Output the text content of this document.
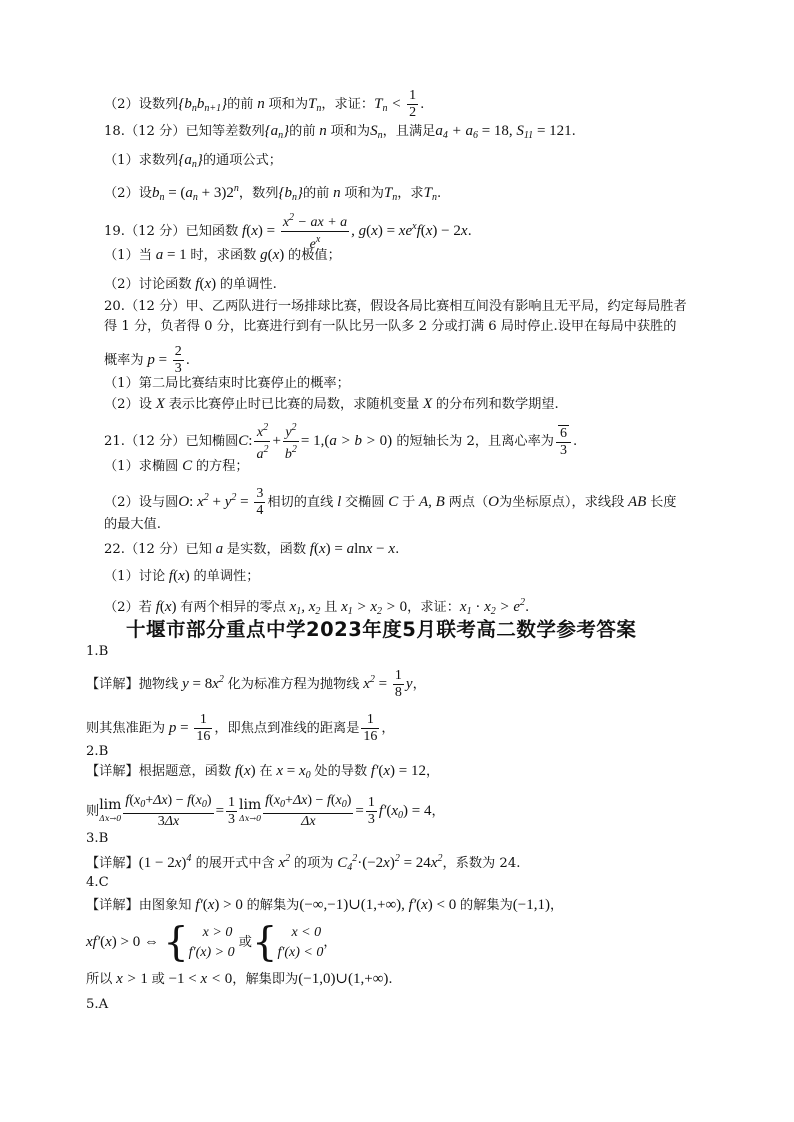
（2）设数列$\{b_nb_{n+1}\}$的前 n 项和为$T_n$，求证：$T_n < \frac{1}{2}$ .
18.（12 分）已知等差数列$\{a_n\}$的前 n 项和为$S_n$，且满足$a_4 + a_6 = 18$, $S_{11} = 121$.
（1）求数列$\{a_n\}$的通项公式；
（2）设$b_n = (a_n + 3)2^n$，数列$\{b_n\}$的前 n 项和为$T_n$，求$T_n$.
19.（12 分）已知函数 $f(x) = \frac{x^2 - ax + a}{e^x}$ , $g(x) = xe^xf(x) - 2x$.
（1）当 a = 1 时，求函数 g(x) 的极值；
（2）讨论函数 f(x) 的单调性.
20.（12 分）甲、乙两队进行一场排球比赛，假设各局比赛相互间没有影响且无平局，约定每局胜者
得 1 分，负者得 0 分，比赛进行到有一队比另一队多 2 分或打满 6 局时停止.设甲在每局中获胜的
概率为 $p = \frac{2}{3}$ .
（1）第二局比赛结束时比赛停止的概率；
（2）设 X 表示比赛停止时已比赛的局数，求随机变量 X 的分布列和数学期望.
21.（12 分）已知椭圆C: $\frac{x^2}{a^2} + \frac{y^2}{b^2} = 1,(a > b > 0)$ 的短轴长为 2，且离心率为 $\frac{6}{3}$ .
（1）求椭圆 C 的方程；
（2）设与圆O: $x^2 + y^2 = \frac{3}{4}$ 相切的直线 l 交椭圆 C 于 A, B 两点（O为坐标原点），求线段 AB 长度
的最大值.
22.（12 分）已知 a 是实数，函数 f(x) = alnx − x.
（1）讨论 f(x) 的单调性；
（2）若 f(x) 有两个相异的零点 $x_1$, $x_2$ 且 $x_1 > x_2 > 0$，求证：$x_1 \cdot x_2 > e^2$.
十堰市部分重点中学2023年度5月联考高二数学参考答案
1.B
【详解】抛物线 $y = 8x^2$ 化为标准方程为抛物线 $x^2 = \frac{1}{8}$ y，
则其焦准距为 $p = \frac{1}{16}$ ，即焦点到准线的距离是 $\frac{1}{16}$ ，
2.B
【详解】根据题意，函数 f(x) 在 $x = x_0$ 处的导数 f′(x) = 12，
则 lim
$\Delta x\to 0 \frac{f(x_0+\Delta x) - f(x_0)}{3\Delta x} = \frac{1}{3}$ lim
$\Delta x\to 0 \frac{f(x_0+\Delta x) - f(x_0)}{\Delta x} = \frac{1}{3} f'(x_0) = 4$，
3.B
【详解】$(1 - 2x)^4$ 的展开式中含 $x^2$ 的项为 $C_4^2\cdot(-2x)^2 = 24x^2$，系数为 24.
4.C
【详解】由图象知 f′(x) > 0 的解集为(−∞,−1)∪(1,+∞), f′(x) < 0 的解集为(−1,1)，
xf′(x) > 0 ⇔ {	x > 0
f′(x) > 0
或{	x < 0
f′(x) < 0
，
所以 x > 1 或 −1 < x < 0，解集即为(−1,0)∪(1,+∞).
5.A
